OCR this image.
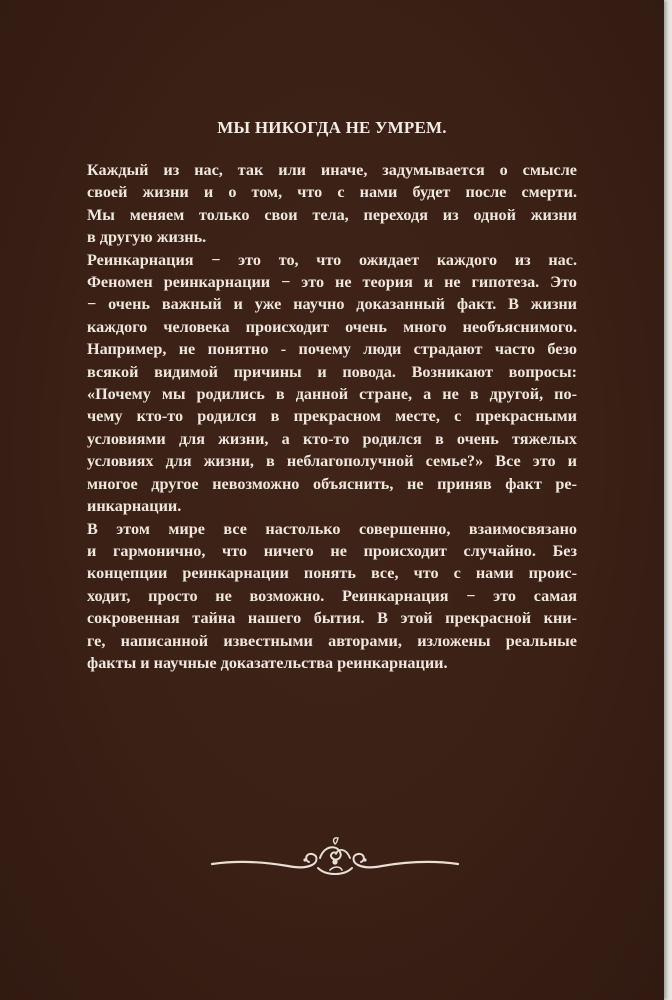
МЫ НИКОГДА НЕ УМРЕМ.
Каждый из нас, так или иначе, задумывается о смысле
своей жизни и о том, что с нами будет после смерти.
Мы меняем только свои тела, переходя из одной жизни
в другую жизнь.
Реинкарнация − это то, что ожидает каждого из нас.
Феномен реинкарнации − это не теория и не гипотеза. Это
− очень важный и уже научно доказанный факт. В жизни
каждого человека происходит очень много необъяснимого.
Например, не понятно - почему люди страдают часто безо
всякой видимой причины и повода. Возникают вопросы:
«Почему мы родились в данной стране, а не в другой, по-
чему кто-то родился в прекрасном месте, с прекрасными
условиями для жизни, а кто-то родился в очень тяжелых
условиях для жизни, в неблагополучной семье?» Все это и
многое другое невозможно объяснить, не приняв факт ре-
инкарнации.
В этом мире все настолько совершенно, взаимосвязано
и гармонично, что ничего не происходит случайно. Без
концепции реинкарнации понять все, что с нами проис-
ходит, просто не возможно. Реинкарнация − это самая
сокровенная тайна нашего бытия. В этой прекрасной кни-
ге, написанной известными авторами, изложены реальные
факты и научные доказательства реинкарнации.
